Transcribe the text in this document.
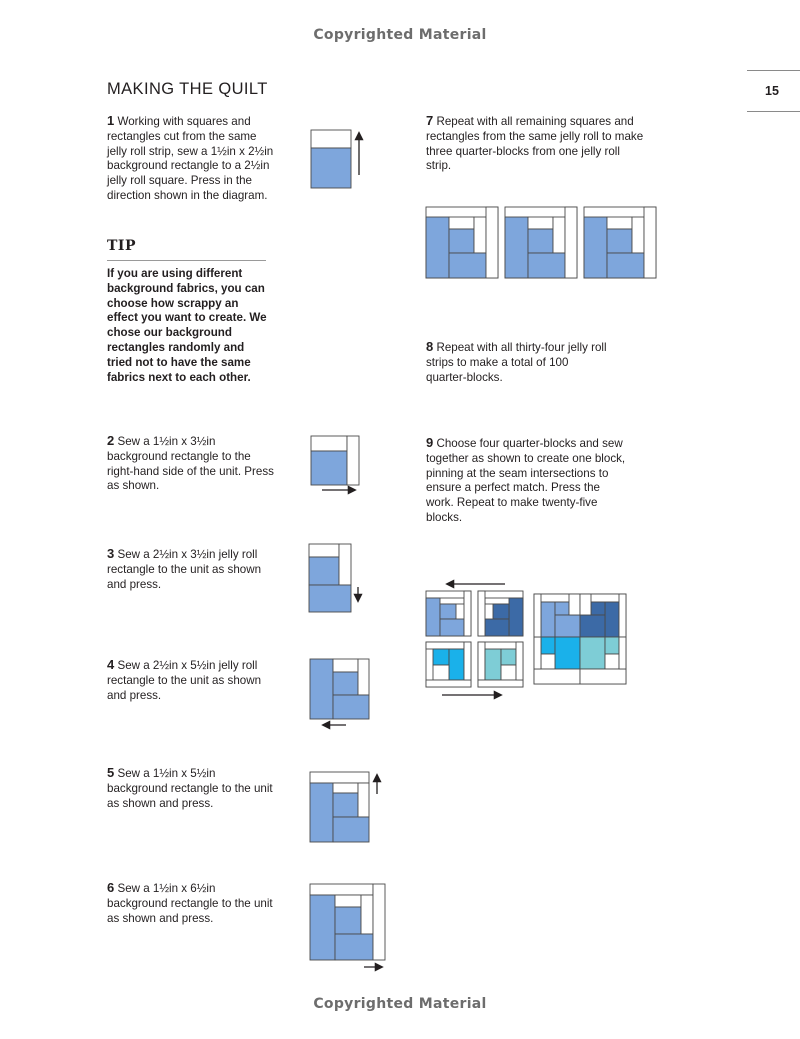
Copyrighted Material
Copyrighted Material
15
MAKING THE QUILT
1 Working with squares and rectangles cut from the same jelly roll strip, sew a 1½in x 2½in background rectangle to a 2½in jelly roll square. Press in the direction shown in the diagram.
TIP
If you are using different background fabrics, you can choose how scrappy an effect you want to create. We chose our background rectangles randomly and tried not to have the same fabrics next to each other.
2 Sew a 1½in x 3½in background rectangle to the right-hand side of the unit. Press as shown.
3 Sew a 2½in x 3½in jelly roll rectangle to the unit as shown and press.
4 Sew a 2½in x 5½in jelly roll rectangle to the unit as shown and press.
5 Sew a 1½in x 5½in background rectangle to the unit as shown and press.
6 Sew a 1½in x 6½in background rectangle to the unit as shown and press.
7 Repeat with all remaining squares and rectangles from the same jelly roll to make three quarter-blocks from one jelly roll strip.
8 Repeat with all thirty-four jelly roll strips to make a total of 100 quarter-blocks.
9 Choose four quarter-blocks and sew together as shown to create one block, pinning at the seam intersections to ensure a perfect match. Press the work. Repeat to make twenty-five blocks.
